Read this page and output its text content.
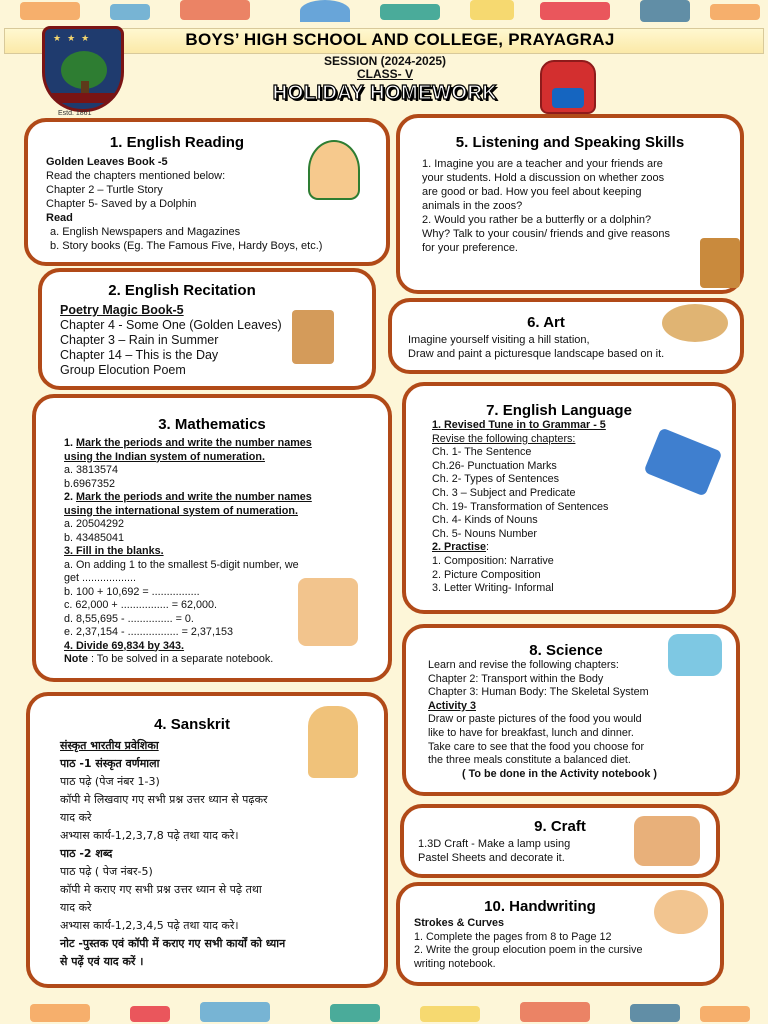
★★★
Estd. 1861
BOYS’ HIGH SCHOOL AND COLLEGE, PRAYAGRAJ
SESSION (2024-2025)
CLASS- V
HOLIDAY HOMEWORK
1. English Reading
Golden Leaves Book -5
Read the chapters mentioned below:
Chapter 2 – Turtle Story
Chapter 5- Saved by a Dolphin
Read
a. English Newspapers and Magazines
b. Story books (Eg. The Famous Five, Hardy Boys, etc.)
5. Listening and Speaking Skills
1. Imagine you are a teacher and your friends are
your students. Hold a discussion on whether zoos
are good or bad. How you feel about keeping
animals in the zoos?
2. Would you rather be a butterfly or a dolphin?
Why? Talk to your cousin/ friends and give reasons
for your preference.
2. English Recitation
Poetry Magic Book-5
Chapter 4 - Some One (Golden Leaves)
Chapter 3 – Rain in Summer
Chapter 14 – This is the Day
Group Elocution Poem
6. Art
Imagine yourself visiting a hill station,
Draw and paint a picturesque landscape based on it.
3. Mathematics
1. Mark the periods and write the number names
using the Indian system of numeration.
a. 3813574
b.6967352
2. Mark the periods and write the number names
using the international system of numeration.
a. 20504292
b. 43485041
3. Fill in the blanks.
a. On adding 1 to the smallest 5-digit number, we
get ..................
b. 100 + 10,692 = ................
c. 62,000 + ................ = 62,000.
d. 8,55,695 - ............... = 0.
e. 2,37,154 - ................. = 2,37,153
4. Divide 69,834 by 343.
Note : To be solved in a separate notebook.
7. English Language
1. Revised Tune in to Grammar - 5
Revise the following chapters:
Ch. 1- The Sentence
Ch.26- Punctuation Marks
Ch. 2- Types of Sentences
Ch. 3 – Subject and Predicate
Ch. 19- Transformation of Sentences
Ch. 4- Kinds of Nouns
Ch. 5- Nouns Number
2. Practise:
1. Composition: Narrative
2. Picture Composition
3. Letter Writing- Informal
4. Sanskrit
संस्कृत भारतीय प्रवेशिका
पाठ -1 संस्कृत वर्णमाला
पाठ पढ़े (पेज नंबर 1-3)
कॉपी मे लिखवाए गए सभी प्रश्न उत्तर ध्यान से पढ़कर
याद करे
अभ्यास कार्य-1,2,3,7,8 पढ़े तथा याद करे।
पाठ -2 शब्द
पाठ पढ़े ( पेज नंबर-5)
कॉपी मे कराए गए सभी प्रश्न उत्तर ध्यान से पढ़े तथा
याद करे
अभ्यास कार्य-1,2,3,4,5 पढ़े तथा याद करे।
नोट -पुस्तक एवं कॉपी में कराए गए सभी कार्यों को ध्यान
से पढ़ें एवं याद करें ।
8. Science
Learn and revise the following chapters:
Chapter 2: Transport within the Body
Chapter 3: Human Body: The Skeletal System
Activity 3
Draw or paste pictures of the food you would
like to have for breakfast, lunch and dinner.
Take care to see that the food you choose for
the three meals constitute a balanced diet.
( To be done in the Activity notebook )
9. Craft
1.3D Craft - Make a lamp using
Pastel Sheets and decorate it.
10. Handwriting
Strokes & Curves
1. Complete the pages from 8 to Page 12
2. Write the group elocution poem in the cursive
writing notebook.
